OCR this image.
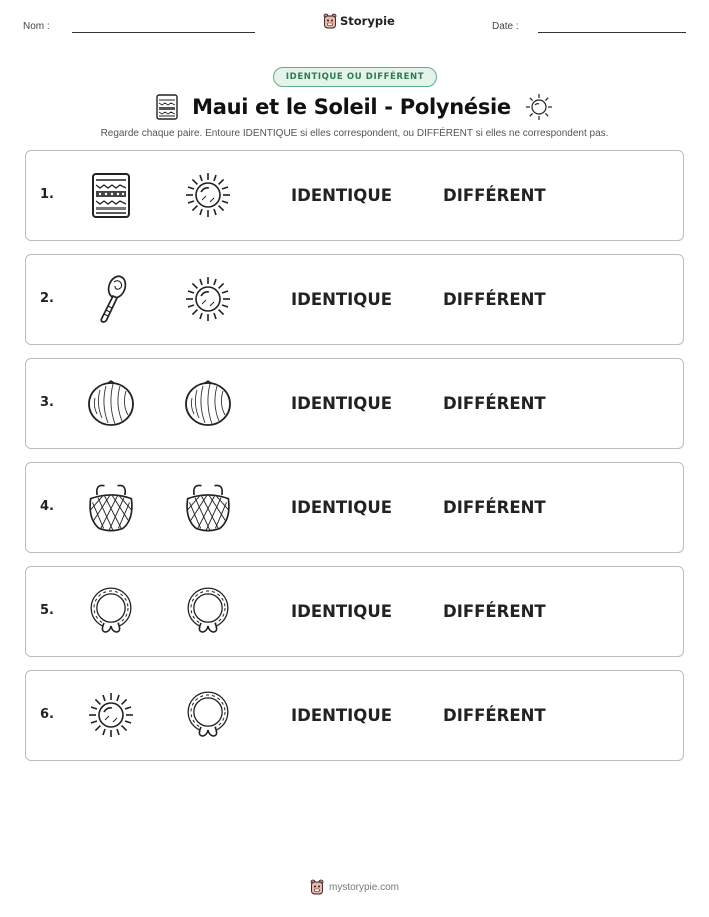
Nom :	Storypie	Date :
IDENTIQUE OU DIFFÉRENT
Maui et le Soleil - Polynésie
Regarde chaque paire. Entoure IDENTIQUE si elles correspondent, ou DIFFÉRENT si elles ne correspondent pas.
1.	IDENTIQUE	DIFFÉRENT
2.	IDENTIQUE	DIFFÉRENT
3.	IDENTIQUE	DIFFÉRENT
4.	IDENTIQUE	DIFFÉRENT
5.	IDENTIQUE	DIFFÉRENT
6.	IDENTIQUE	DIFFÉRENT
mystorypie.com
